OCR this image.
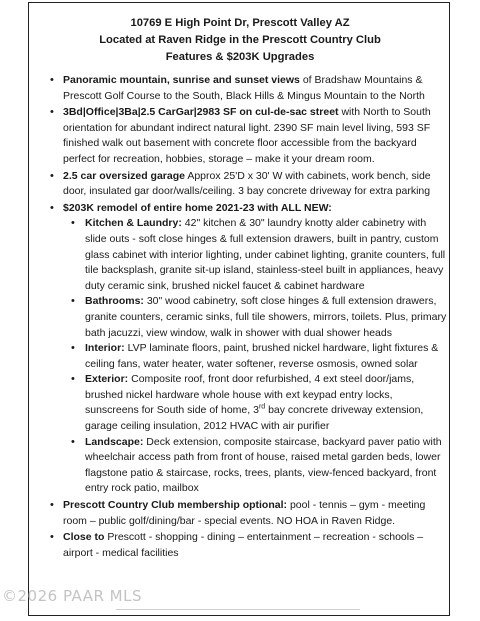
10769 E High Point Dr, Prescott Valley AZ
Located at Raven Ridge in the Prescott Country Club
Features & $203K Upgrades
• Panoramic mountain, sunrise and sunset views of Bradshaw Mountains & Prescott Golf Course to the South, Black Hills & Mingus Mountain to the North
• 3Bd|Office|3Ba|2.5 CarGar|2983 SF on cul-de-sac street with North to South orientation for abundant indirect natural light. 2390 SF main level living, 593 SF finished walk out basement with concrete floor accessible from the backyard perfect for recreation, hobbies, storage – make it your dream room.
• 2.5 car oversized garage Approx 25'D x 30' W with cabinets, work bench, side door, insulated gar door/walls/ceiling. 3 bay concrete driveway for extra parking
• $203K remodel of entire home 2021-23 with ALL NEW:
• Kitchen & Laundry: 42" kitchen & 30" laundry knotty alder cabinetry with slide outs - soft close hinges & full extension drawers, built in pantry, custom glass cabinet with interior lighting, under cabinet lighting, granite counters, full tile backsplash, granite sit-up island, stainless-steel built in appliances, heavy duty ceramic sink, brushed nickel faucet & cabinet hardware
• Bathrooms: 30" wood cabinetry, soft close hinges & full extension drawers, granite counters, ceramic sinks, full tile showers, mirrors, toilets. Plus, primary bath jacuzzi, view window, walk in shower with dual shower heads
• Interior: LVP laminate floors, paint, brushed nickel hardware, light fixtures & ceiling fans, water heater, water softener, reverse osmosis, owned solar
• Exterior: Composite roof, front door refurbished, 4 ext steel door/jams, brushed nickel hardware whole house with ext keypad entry locks, sunscreens for South side of home, 3rd bay concrete driveway extension, garage ceiling insulation, 2012 HVAC with air purifier
• Landscape: Deck extension, composite staircase, backyard paver patio with wheelchair access path from front of house, raised metal garden beds, lower flagstone patio & staircase, rocks, trees, plants, view-fenced backyard, front entry rock patio, mailbox
• Prescott Country Club membership optional: pool - tennis – gym - meeting room – public golf/dining/bar - special events. NO HOA in Raven Ridge.
• Close to Prescott - shopping - dining – entertainment – recreation - schools – airport - medical facilities
©2026 PAAR MLS
